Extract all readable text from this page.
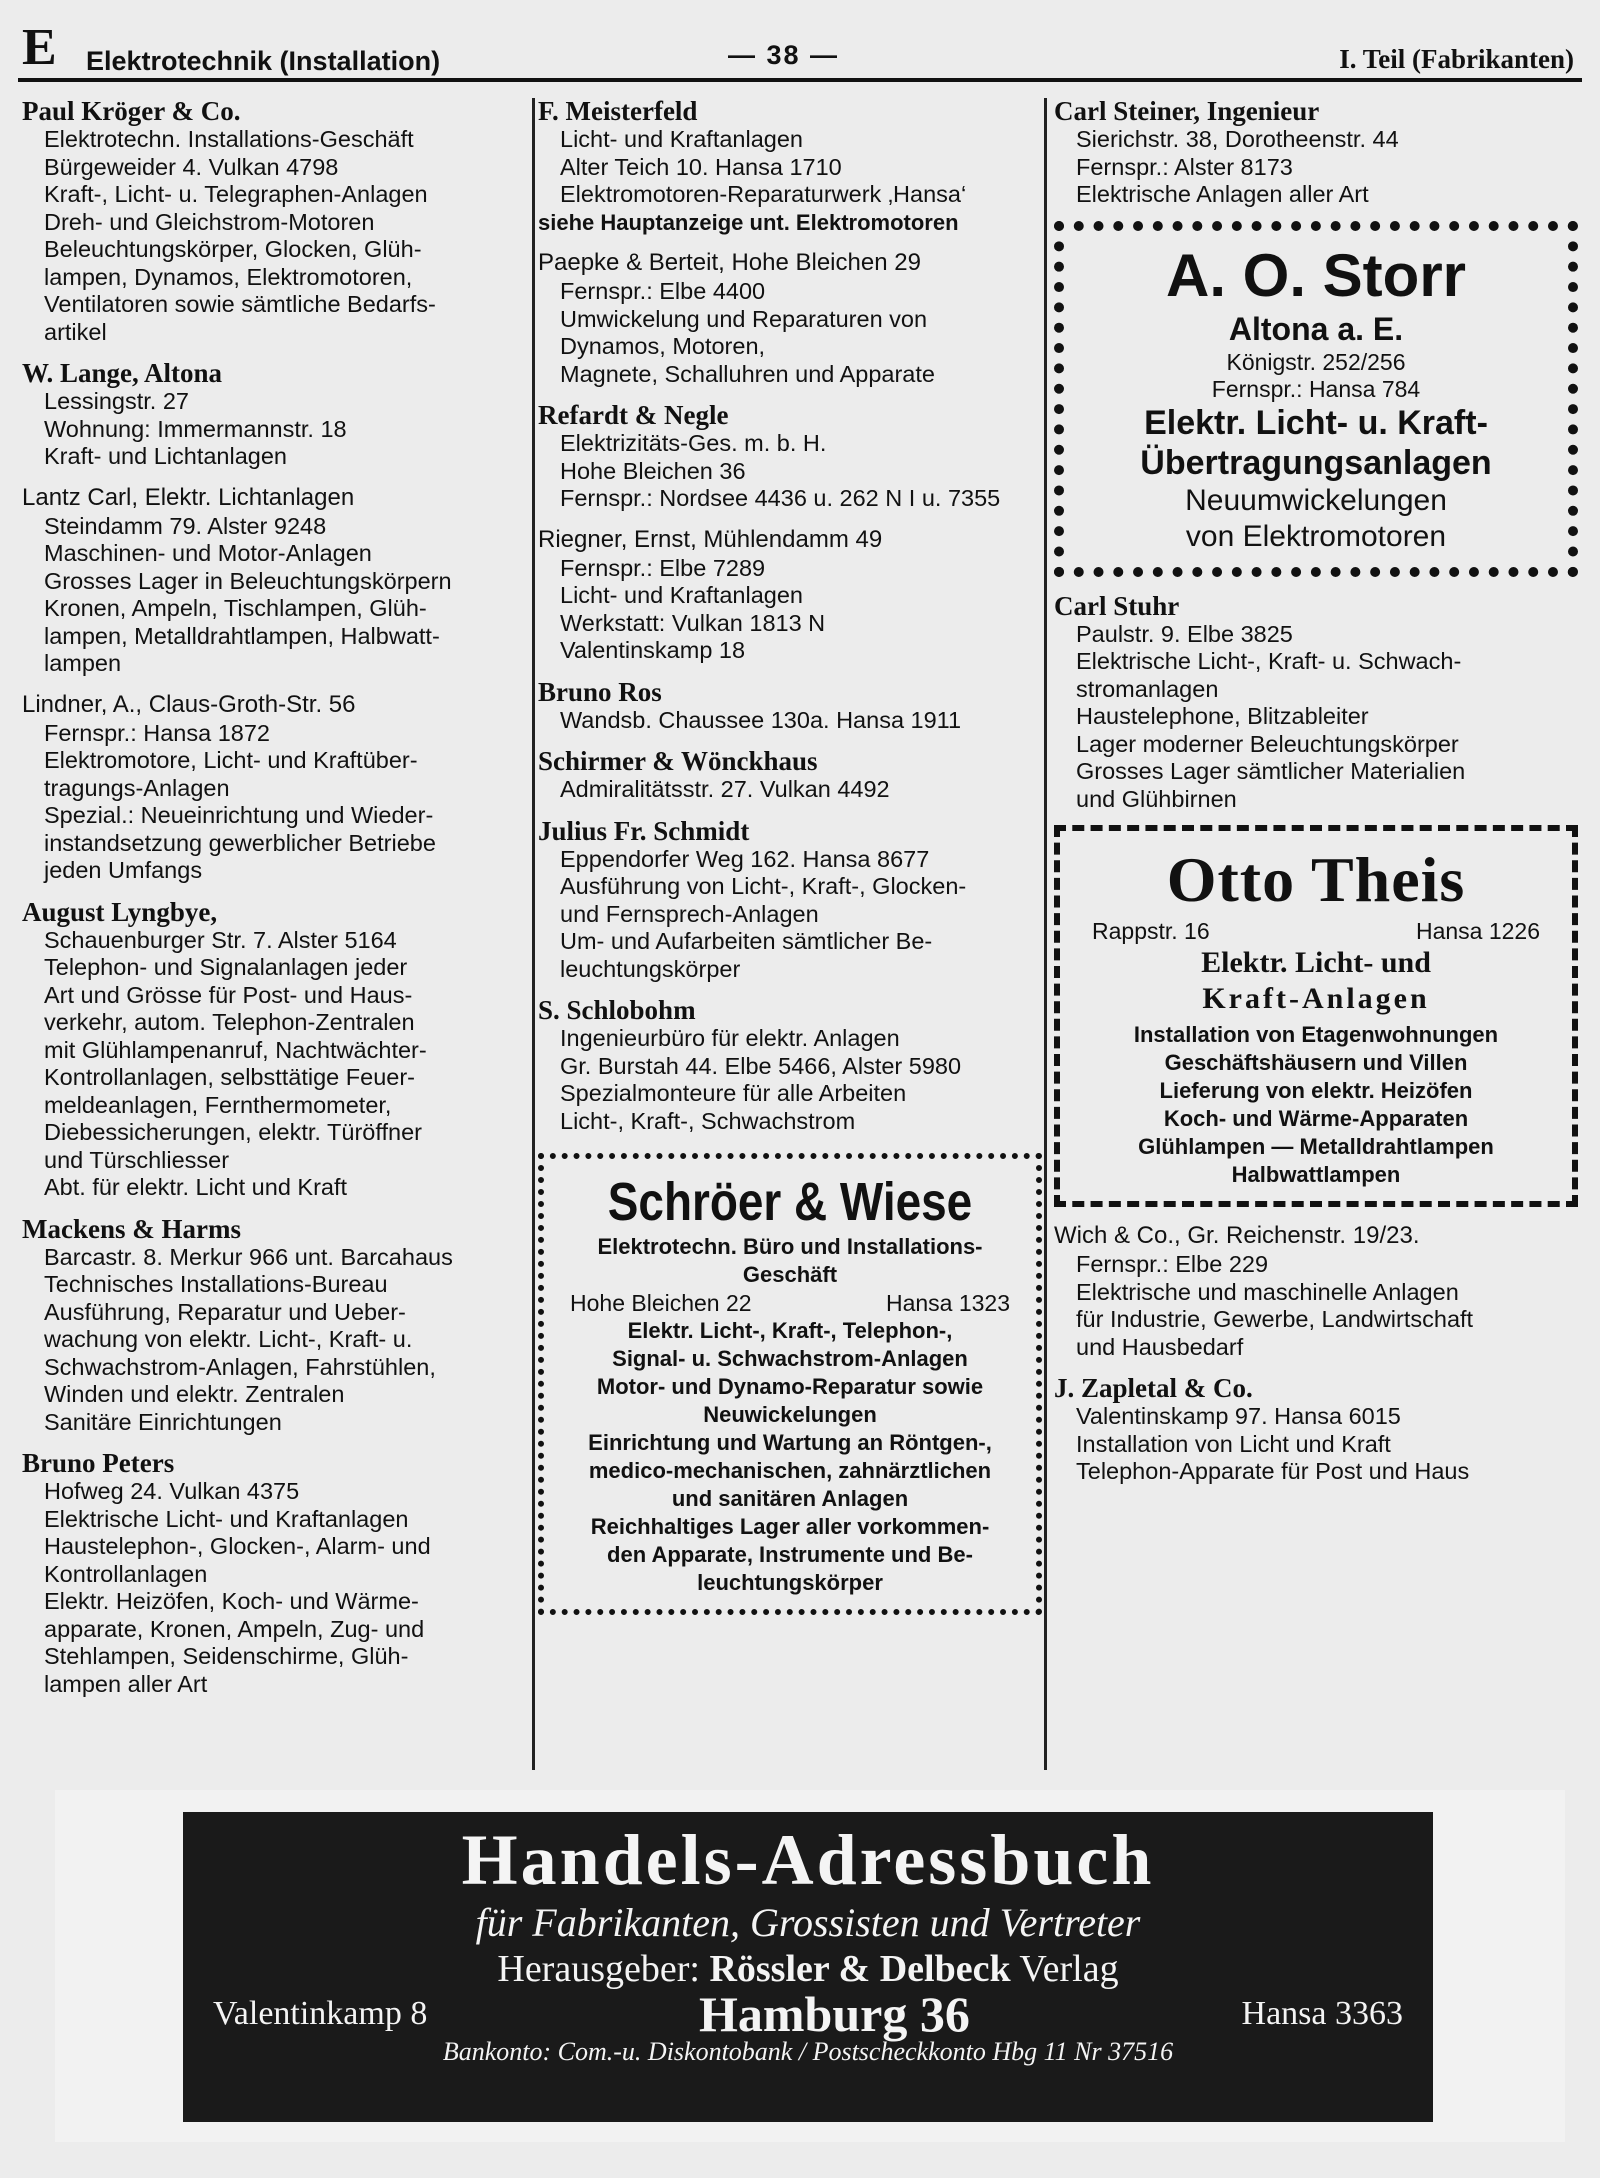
E Elektrotechnik (Installation)	— 38 —	I. Teil (Fabrikanten)
Paul Kröger & Co.
Elektrotechn. Installations-Geschäft
Bürgeweider 4. Vulkan 4798
Kraft-, Licht- u. Telegraphen-Anlagen
Dreh- und Gleichstrom-Motoren
Beleuchtungskörper, Glocken, Glüh-
lampen, Dynamos, Elektromotoren,
Ventilatoren sowie sämtliche Bedarfs-
artikel
W. Lange, Altona
Lessingstr. 27
Wohnung: Immermannstr. 18
Kraft- und Lichtanlagen
Lantz Carl, Elektr. Lichtanlagen
Steindamm 79. Alster 9248
Maschinen- und Motor-Anlagen
Grosses Lager in Beleuchtungskörpern
Kronen, Ampeln, Tischlampen, Glüh-
lampen, Metalldrahtlampen, Halbwatt-
lampen
Lindner, A., Claus-Groth-Str. 56
Fernspr.: Hansa 1872
Elektromotore, Licht- und Kraftüber-
tragungs-Anlagen
Spezial.: Neueinrichtung und Wieder-
instandsetzung gewerblicher Betriebe
jeden Umfangs
August Lyngbye,
Schauenburger Str. 7. Alster 5164
Telephon- und Signalanlagen jeder
Art und Grösse für Post- und Haus-
verkehr, autom. Telephon-Zentralen
mit Glühlampenanruf, Nachtwächter-
Kontrollanlagen, selbsttätige Feuer-
meldeanlagen, Fernthermometer,
Diebessicherungen, elektr. Türöffner
und Türschliesser
Abt. für elektr. Licht und Kraft
Mackens & Harms
Barcastr. 8. Merkur 966 unt. Barcahaus
Technisches Installations-Bureau
Ausführung, Reparatur und Ueber-
wachung von elektr. Licht-, Kraft- u.
Schwachstrom-Anlagen, Fahrstühlen,
Winden und elektr. Zentralen
Sanitäre Einrichtungen
Bruno Peters
Hofweg 24. Vulkan 4375
Elektrische Licht- und Kraftanlagen
Haustelephon-, Glocken-, Alarm- und
Kontrollanlagen
Elektr. Heizöfen, Koch- und Wärme-
apparate, Kronen, Ampeln, Zug- und
Stehlampen, Seidenschirme, Glüh-
lampen aller Art
F. Meisterfeld
Licht- und Kraftanlagen
Alter Teich 10. Hansa 1710
Elektromotoren-Reparaturwerk ‚Hansa‘
siehe Hauptanzeige unt. Elektromotoren
Paepke & Berteit, Hohe Bleichen 29
Fernspr.: Elbe 4400
Umwickelung und Reparaturen von
Dynamos, Motoren,
Magnete, Schalluhren und Apparate
Refardt & Negle
Elektrizitäts-Ges. m. b. H.
Hohe Bleichen 36
Fernspr.: Nordsee 4436 u. 262 N I u. 7355
Riegner, Ernst, Mühlendamm 49
Fernspr.: Elbe 7289
Licht- und Kraftanlagen
Werkstatt: Vulkan 1813 N
Valentinskamp 18
Bruno Ros
Wandsb. Chaussee 130a. Hansa 1911
Schirmer & Wönckhaus
Admiralitätsstr. 27. Vulkan 4492
Julius Fr. Schmidt
Eppendorfer Weg 162. Hansa 8677
Ausführung von Licht-, Kraft-, Glocken-
und Fernsprech-Anlagen
Um- und Aufarbeiten sämtlicher Be-
leuchtungskörper
S. Schlobohm
Ingenieurbüro für elektr. Anlagen
Gr. Burstah 44. Elbe 5466, Alster 5980
Spezialmonteure für alle Arbeiten
Licht-, Kraft-, Schwachstrom
Schröer & Wiese
Elektrotechn. Büro und Installations-
Geschäft
Hohe Bleichen 22	Hansa 1323
Elektr. Licht-, Kraft-, Telephon-,
Signal- u. Schwachstrom-Anlagen
Motor- und Dynamo-Reparatur sowie
Neuwickelungen
Einrichtung und Wartung an Röntgen-,
medico-mechanischen, zahnärztlichen
und sanitären Anlagen
Reichhaltiges Lager aller vorkommen-
den Apparate, Instrumente und Be-
leuchtungskörper
Carl Steiner, Ingenieur
Sierichstr. 38, Dorotheenstr. 44
Fernspr.: Alster 8173
Elektrische Anlagen aller Art
A. O. Storr
Altona a. E.
Königstr. 252/256
Fernspr.: Hansa 784
Elektr. Licht- u. Kraft-
Übertragungsanlagen
Neuumwickelungen
von Elektromotoren
Carl Stuhr
Paulstr. 9. Elbe 3825
Elektrische Licht-, Kraft- u. Schwach-
stromanlagen
Haustelephone, Blitzableiter
Lager moderner Beleuchtungskörper
Grosses Lager sämtlicher Materialien
und Glühbirnen
Otto Theis
Rappstr. 16	Hansa 1226
Elektr. Licht- und
Kraft-Anlagen
Installation von Etagenwohnungen
Geschäftshäusern und Villen
Lieferung von elektr. Heizöfen
Koch- und Wärme-Apparaten
Glühlampen — Metalldrahtlampen
Halbwattlampen
Wich & Co., Gr. Reichenstr. 19/23.
Fernspr.: Elbe 229
Elektrische und maschinelle Anlagen
für Industrie, Gewerbe, Landwirtschaft
und Hausbedarf
J. Zapletal & Co.
Valentinskamp 97. Hansa 6015
Installation von Licht und Kraft
Telephon-Apparate für Post und Haus
Handels-Adressbuch
für Fabrikanten, Grossisten und Vertreter
Herausgeber: Rössler & Delbeck Verlag
Valentinkamp 8	Hamburg 36	Hansa 3363
Bankonto: Com.-u. Diskontobank / Postscheckkonto Hbg 11 Nr 37516
